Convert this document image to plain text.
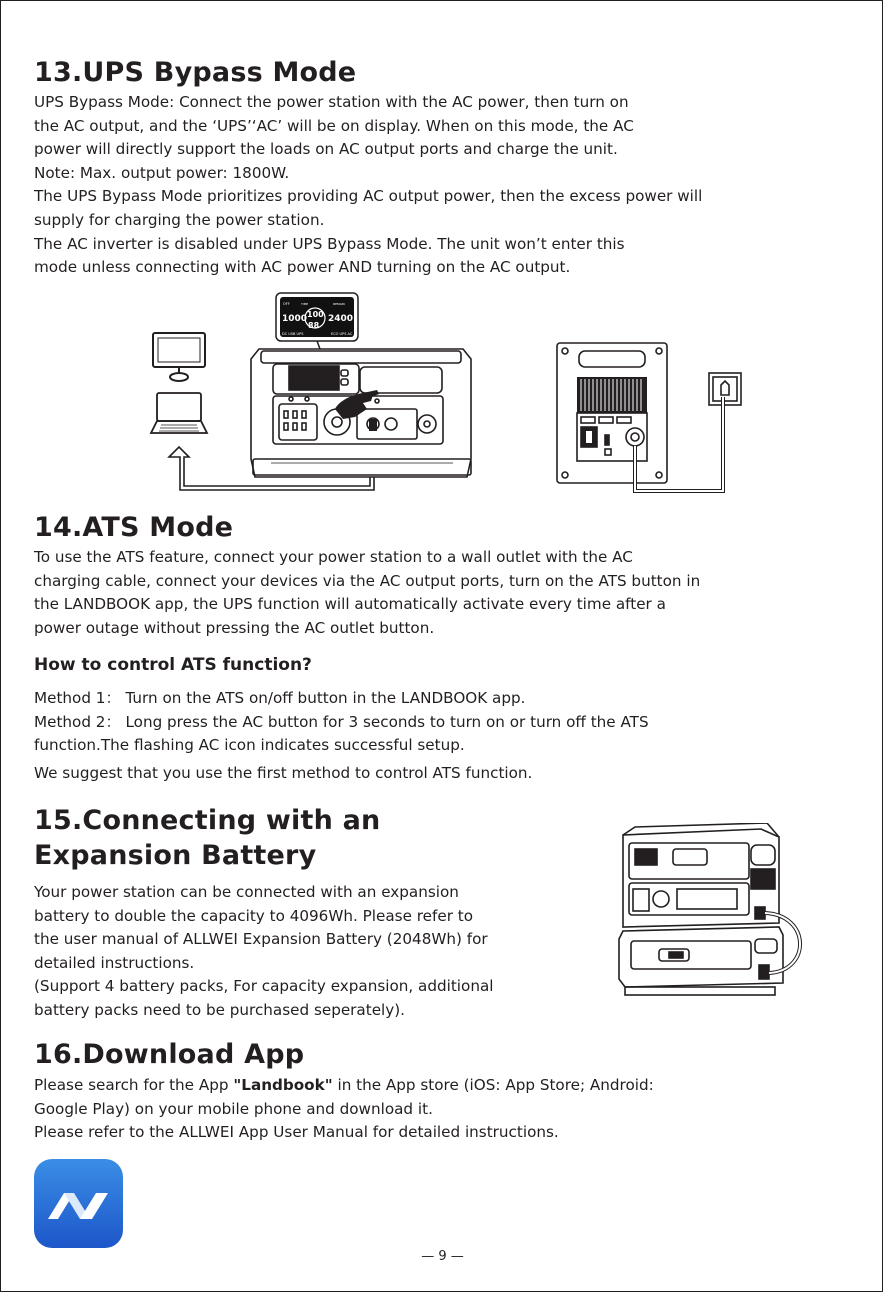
13.UPS Bypass Mode

UPS Bypass Mode: Connect the power station with the AC power, then turn on

the AC output, and the ‘UPS’‘AC’ will be on display. When on this mode, the AC

power will directly support the loads on AC output ports and charge the unit.

Note: Max. output power: 1800W.

The UPS Bypass Mode prioritizes providing AC output power, then the excess power will

supply for charging the power station.

The AC inverter is disabled under UPS Bypass Mode. The unit won’t enter this

mode unless connecting with AC power AND turning on the AC output.

OFF	TIME	REMAIN
1000 100
88
2400
DC USB UPS	ECO UPS AC
100
14.ATS Mode

To use the ATS feature, connect your power station to a wall outlet with the AC

charging cable, connect your devices via the AC output ports, turn on the ATS button in

the LANDBOOK app, the UPS function will automatically activate every time after a

power outage without pressing the AC outlet button.

How to control ATS function?

Method 1： Turn on the ATS on/off button in the LANDBOOK app.

Method 2： Long press the AC button for 3 seconds to turn on or turn off the ATS

function.The flashing AC icon indicates successful setup.

We suggest that you use the first method to control ATS function.

15.Connecting with an
Expansion Battery

Your power station can be connected with an expansion

battery to double the capacity to 4096Wh. Please refer to

the user manual of ALLWEI Expansion Battery (2048Wh) for

detailed instructions.

(Support 4 battery packs, For capacity expansion, additional

battery packs need to be purchased seperately).

16.Download App

Please search for the App "Landbook" in the App store (iOS: App Store; Android:

Google Play) on your mobile phone and download it.

Please refer to the ALLWEI App User Manual for detailed instructions.

— 9 —
